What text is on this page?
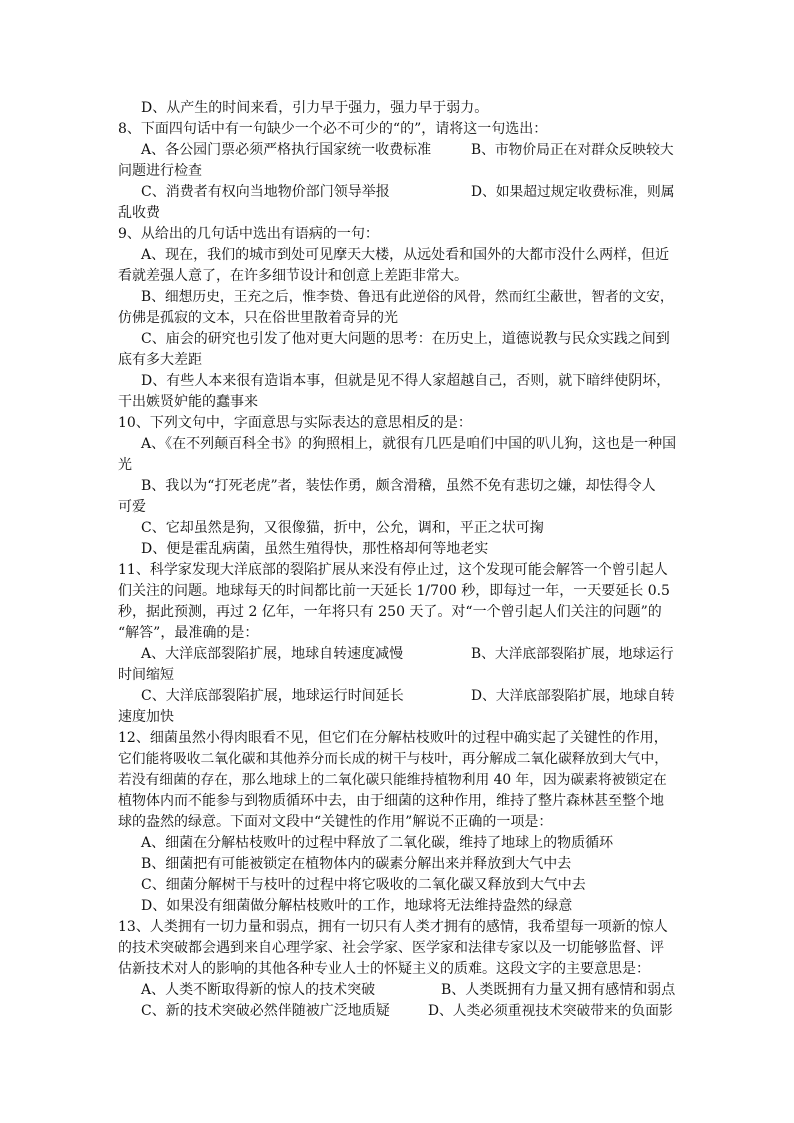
D、从产生的时间来看，引力早于强力，强力早于弱力。
8、下面四句话中有一句缺少一个必不可少的“的”，请将这一句选出：
A、各公园门票必须严格执行国家统一收费标准	B、市物价局正在对群众反映较大
问题进行检查
C、消费者有权向当地物价部门领导举报	D、如果超过规定收费标准，则属
乱收费
9、从给出的几句话中选出有语病的一句：
A、现在，我们的城市到处可见摩天大楼，从远处看和国外的大都市没什么两样，但近
看就差强人意了，在许多细节设计和创意上差距非常大。
B、细想历史，王充之后，惟李贽、鲁迅有此逆俗的风骨，然而红尘蔽世，智者的文安，
仿佛是孤寂的文本，只在俗世里散着奇异的光
C、庙会的研究也引发了他对更大问题的思考：在历史上，道德说教与民众实践之间到
底有多大差距
D、有些人本来很有造诣本事，但就是见不得人家超越自己，否则，就下暗绊使阴坏，
干出嫉贤妒能的蠢事来
10、下列文句中，字面意思与实际表达的意思相反的是：
A、《在不列颠百科全书》的狗照相上，就很有几匹是咱们中国的叭儿狗，这也是一种国
光
B、我以为“打死老虎”者，装怯作勇，颇含滑稽，虽然不免有悲切之嫌，却怯得令人
可爱
C、它却虽然是狗，又很像猫，折中，公允，调和，平正之状可掬
D、便是霍乱病菌，虽然生殖得快，那性格却何等地老实
11、科学家发现大洋底部的裂陷扩展从来没有停止过，这个发现可能会解答一个曾引起人
们关注的问题。地球每天的时间都比前一天延长 1/700 秒，即每过一年，一天要延长 0.5
秒，据此预测，再过 2 亿年，一年将只有 250 天了。对“一个曾引起人们关注的问题”的
“解答”，最准确的是：
A、大洋底部裂陷扩展，地球自转速度减慢	B、大洋底部裂陷扩展，地球运行
时间缩短
C、大洋底部裂陷扩展，地球运行时间延长	D、大洋底部裂陷扩展，地球自转
速度加快
12、细菌虽然小得肉眼看不见，但它们在分解枯枝败叶的过程中确实起了关键性的作用，
它们能将吸收二氧化碳和其他养分而长成的树干与枝叶，再分解成二氧化碳释放到大气中，
若没有细菌的存在，那么地球上的二氧化碳只能维持植物利用 40 年，因为碳素将被锁定在
植物体内而不能参与到物质循环中去，由于细菌的这种作用，维持了整片森林甚至整个地
球的盎然的绿意。下面对文段中“关键性的作用”解说不正确的一项是：
A、细菌在分解枯枝败叶的过程中释放了二氧化碳，维持了地球上的物质循环
B、细菌把有可能被锁定在植物体内的碳素分解出来并释放到大气中去
C、细菌分解树干与枝叶的过程中将它吸收的二氧化碳又释放到大气中去
D、如果没有细菌做分解枯枝败叶的工作，地球将无法维持盎然的绿意
13、人类拥有一切力量和弱点，拥有一切只有人类才拥有的感情，我希望每一项新的惊人
的技术突破都会遇到来自心理学家、社会学家、医学家和法律专家以及一切能够监督、评
估新技术对人的影响的其他各种专业人士的怀疑主义的质难。这段文字的主要意思是：
A、人类不断取得新的惊人的技术突破	B、人类既拥有力量又拥有感情和弱点
C、新的技术突破必然伴随被广泛地质疑	D、人类必须重视技术突破带来的负面影
